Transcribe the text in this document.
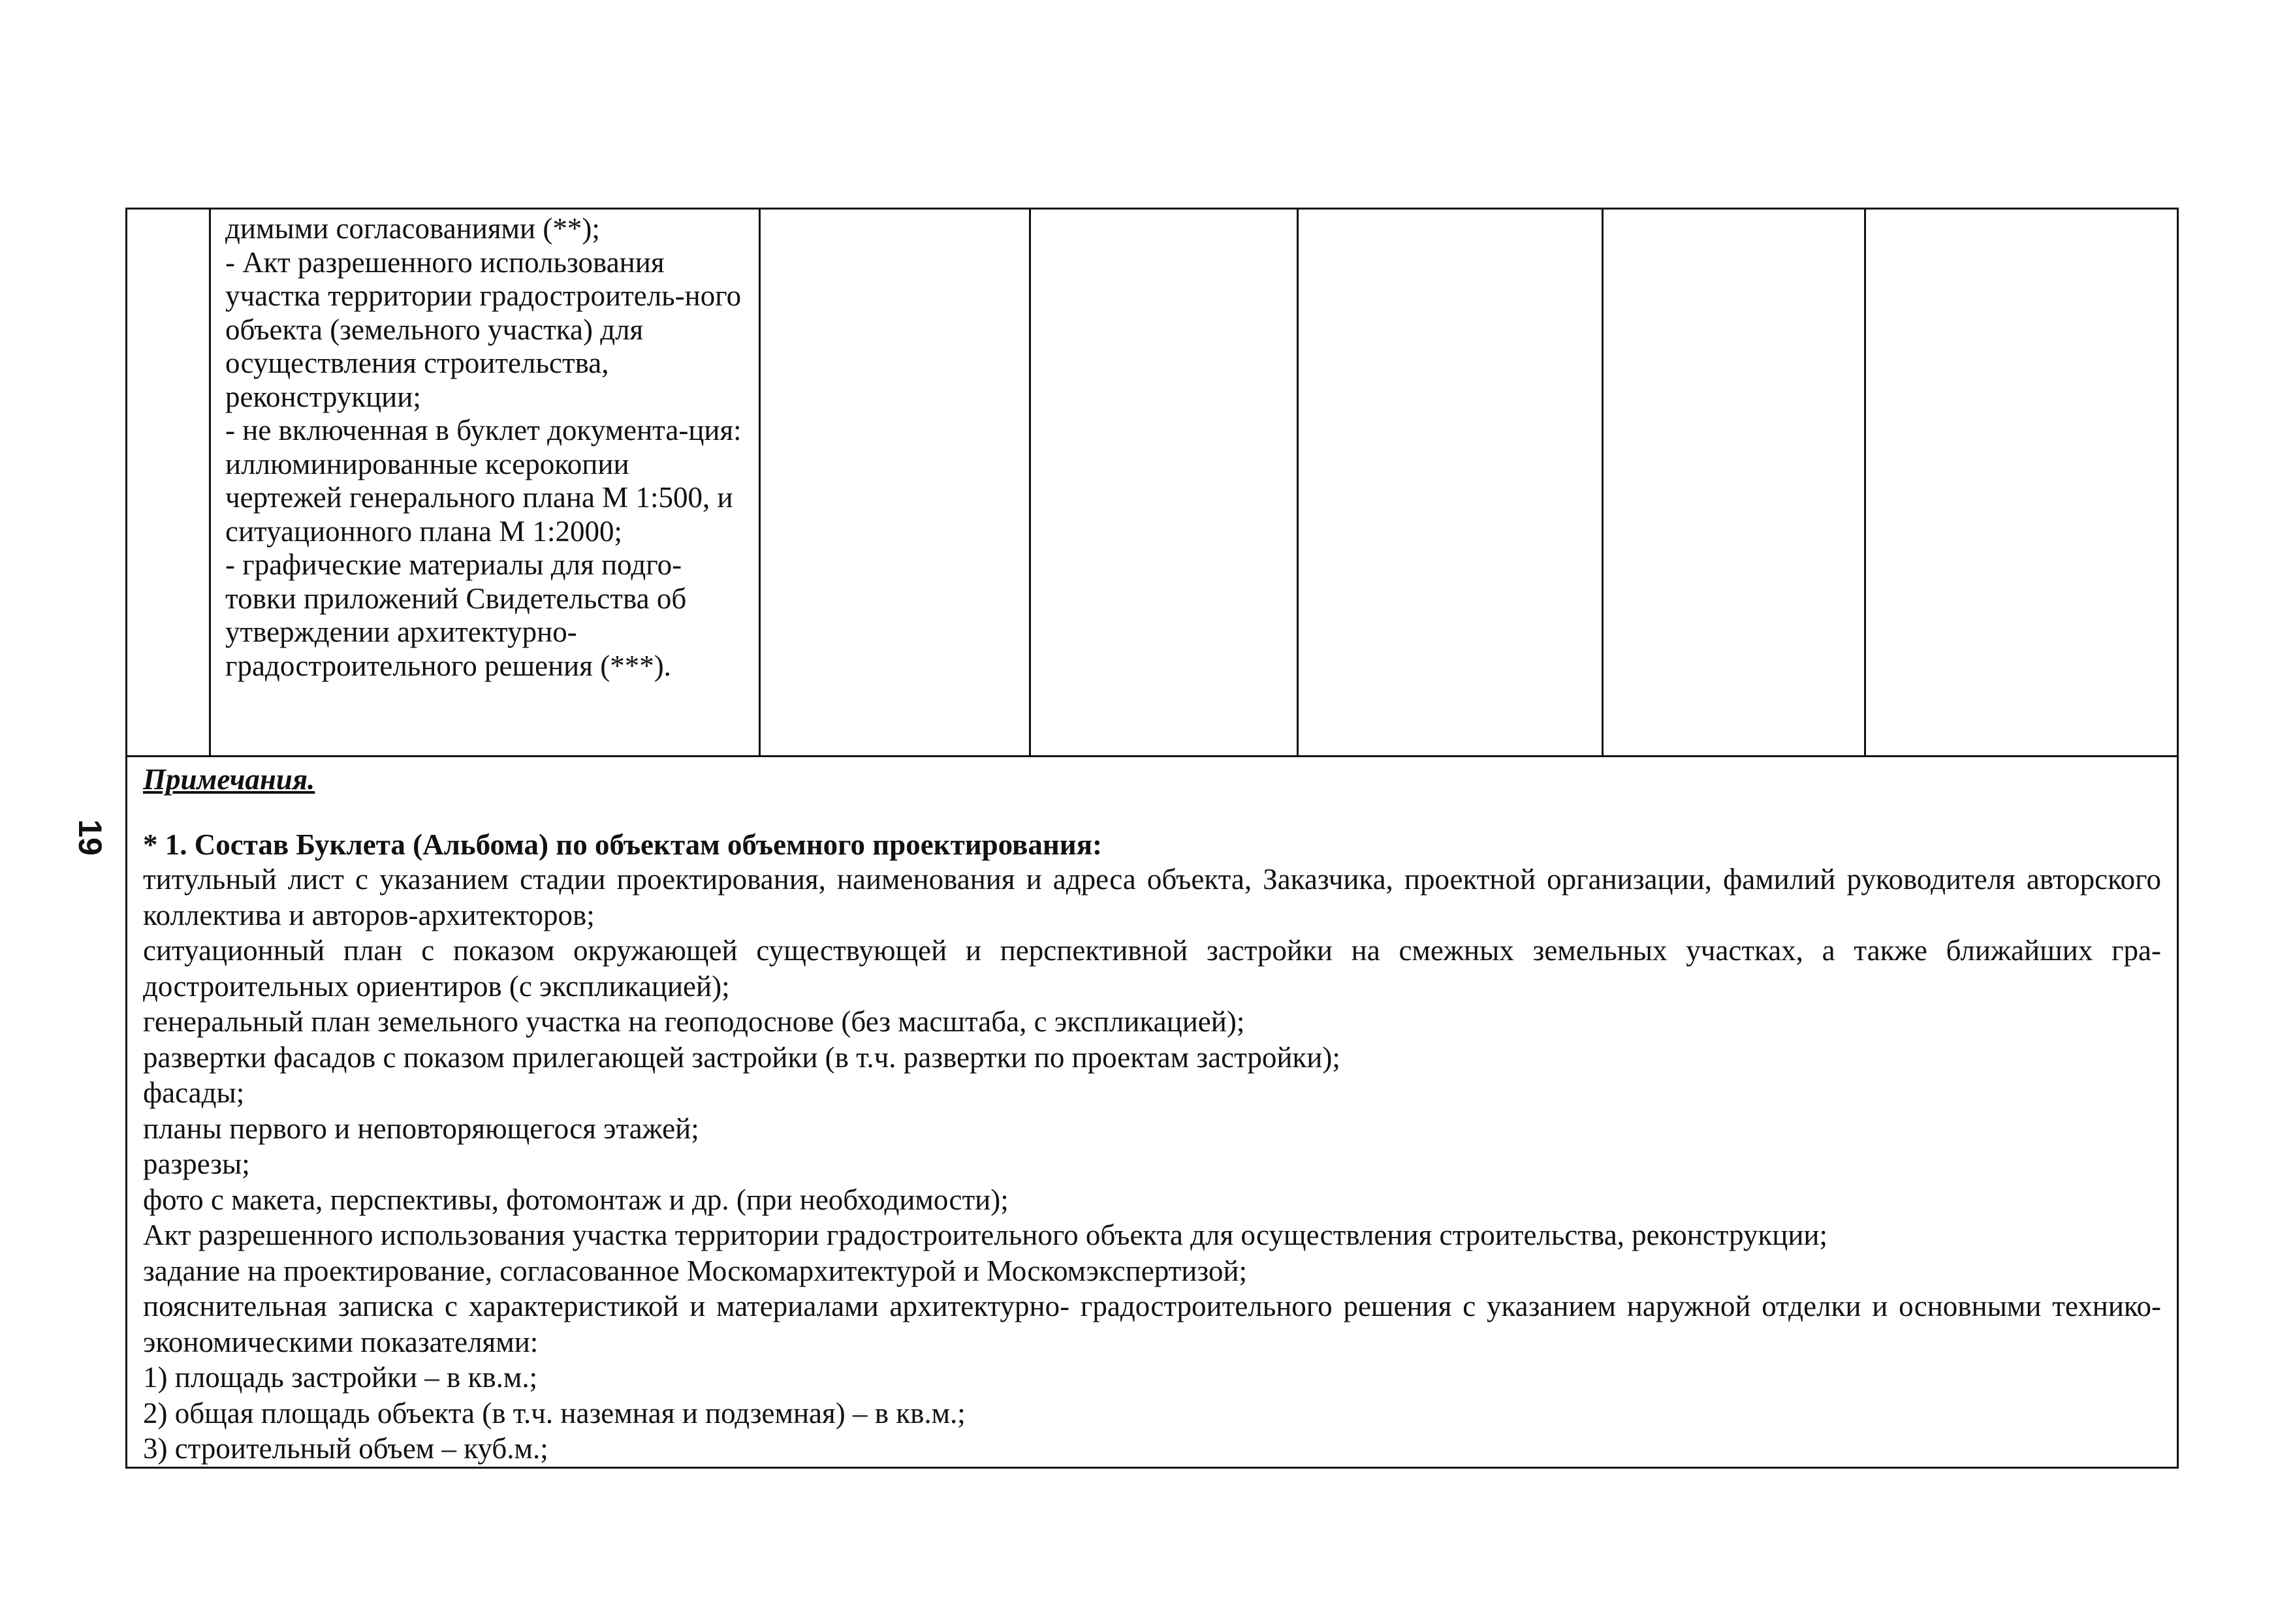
19

димыми согласованиями (**);
- Акт разрешенного использования участка территории градостроитель-ного объекта (земельного участка) для осуществления строительства, реконструкции;
- не включенная в буклет документа-ция: иллюминированные ксерокопии чертежей генерального плана М 1:500, и ситуационного плана М 1:2000;
- графические материалы для подго-товки приложений Свидетельства об утверждении архитектурно-градостроительного решения (***).

Примечания.
* 1. Состав Буклета (Альбома) по объектам объемного проектирования:
титульный лист с указанием стадии проектирования, наименования и адреса объекта, Заказчика, проектной организации, фамилий руководителя авторского коллектива и авторов-архитекторов;
ситуационный план с показом окружающей существующей и перспективной застройки на смежных земельных участках, а также ближайших гра-достроительных ориентиров (с экспликацией);
генеральный план земельного участка на геоподоснове (без масштаба, с экспликацией);
развертки фасадов с показом прилегающей застройки (в т.ч. развертки по проектам застройки);
фасады;
планы первого и неповторяющегося этажей;
разрезы;
фото с макета, перспективы, фотомонтаж и др. (при необходимости);
Акт разрешенного использования участка территории градостроительного объекта для осуществления строительства, реконструкции;
задание на проектирование, согласованное Москомархитектурой и Москомэкспертизой;
пояснительная записка с характеристикой и материалами архитектурно- градостроительного решения с указанием наружной отделки и основными технико-экономическими показателями:
1) площадь застройки – в кв.м.;
2) общая площадь объекта (в т.ч. наземная и подземная) – в кв.м.;
3) строительный объем – куб.м.;
